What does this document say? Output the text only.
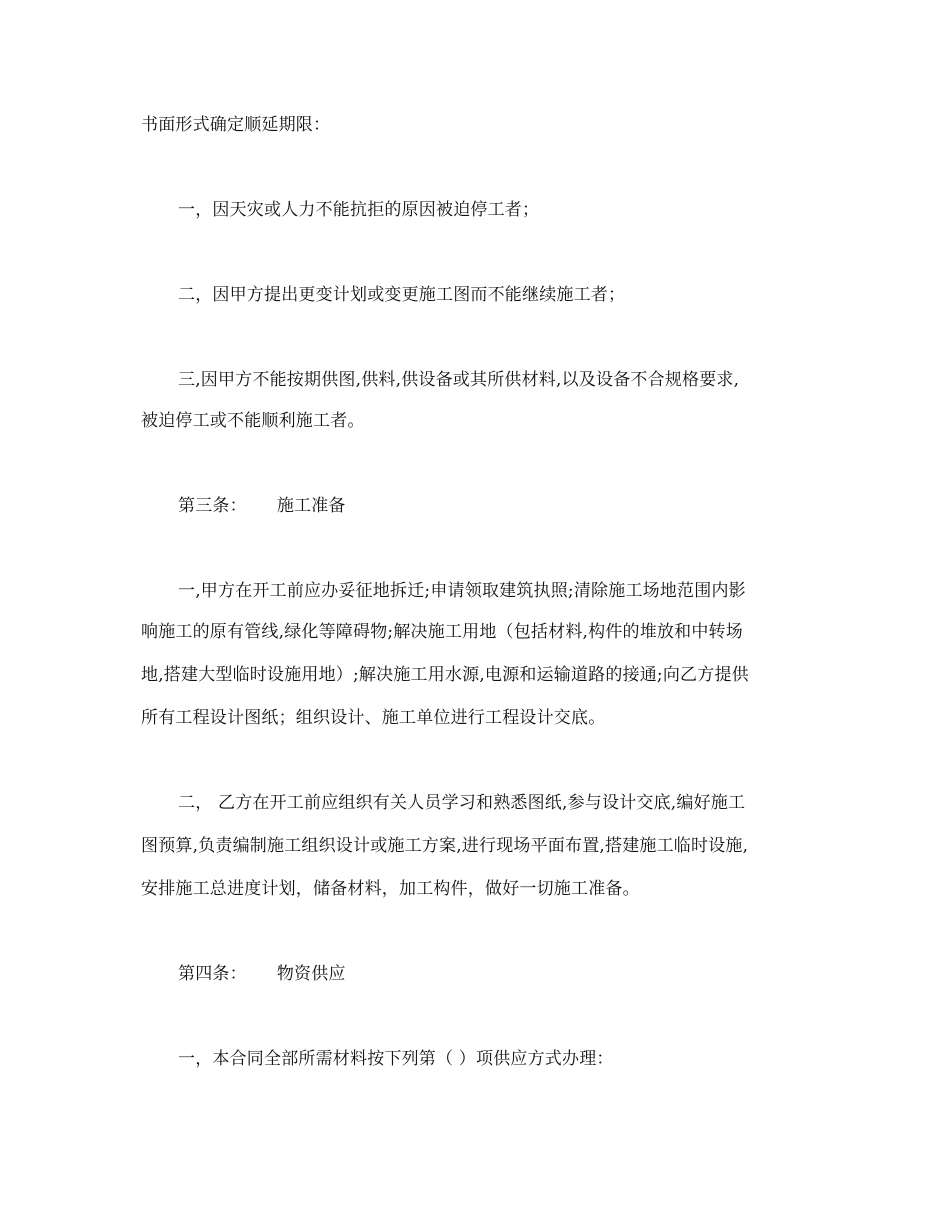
书面形式确定顺延期限：
一，因天灾或人力不能抗拒的原因被迫停工者；
二，因甲方提出更变计划或变更施工图而不能继续施工者；
三,因甲方不能按期供图,供料,供设备或其所供材料,以及设备不合规格要求,
被迫停工或不能顺利施工者。
第三条： 施工准备
一,甲方在开工前应办妥征地拆迁;申请领取建筑执照;清除施工场地范围内影
响施工的原有管线,绿化等障碍物;解决施工用地（包括材料,构件的堆放和中转场
地,搭建大型临时设施用地）;解决施工用水源,电源和运输道路的接通;向乙方提供
所有工程设计图纸；组织设计、施工单位进行工程设计交底。
二， 乙方在开工前应组织有关人员学习和熟悉图纸,参与设计交底,编好施工
图预算,负责编制施工组织设计或施工方案,进行现场平面布置,搭建施工临时设施,
安排施工总进度计划，储备材料，加工构件，做好一切施工准备。
第四条： 物资供应
一，本合同全部所需材料按下列第（ ）项供应方式办理：
